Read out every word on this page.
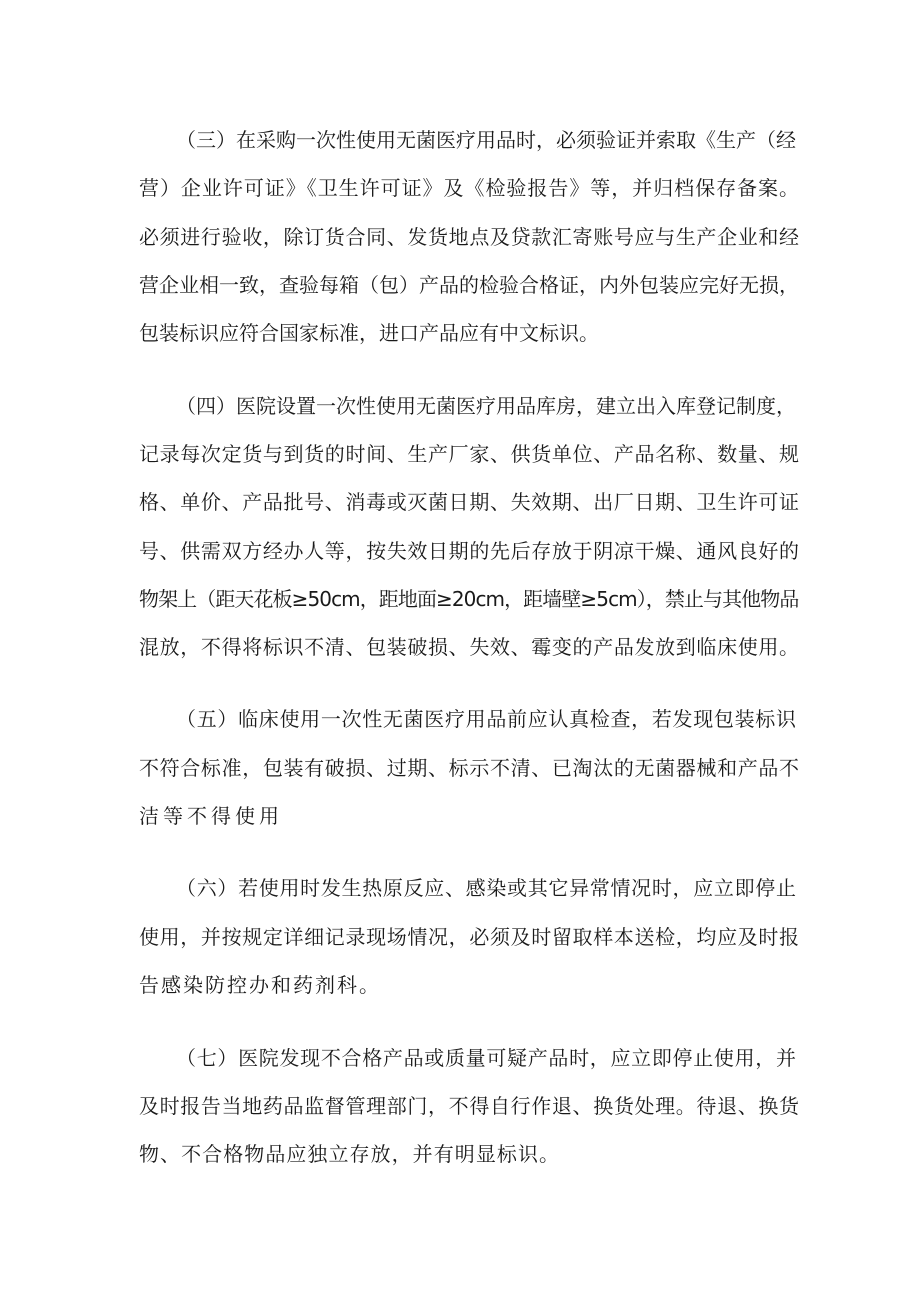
（三）在采购一次性使用无菌医疗用品时，必须验证并索取《生产（经
营）企业许可证》《卫生许可证》及《检验报告》等，并归档保存备案。
必须进行验收，除订货合同、发货地点及贷款汇寄账号应与生产企业和经
营企业相一致，查验每箱（包）产品的检验合格证，内外包装应完好无损，
包装标识应符合国家标准，进口产品应有中文标识。
（四）医院设置一次性使用无菌医疗用品库房，建立出入库登记制度，
记录每次定货与到货的时间、生产厂家、供货单位、产品名称、数量、规
格、单价、产品批号、消毒或灭菌日期、失效期、出厂日期、卫生许可证
号、供需双方经办人等，按失效日期的先后存放于阴凉干燥、通风良好的
物架上（距天花板≥50cm，距地面≥20cm，距墙壁≥5cm），禁止与其他物品
混放，不得将标识不清、包装破损、失效、霉变的产品发放到临床使用。
（五）临床使用一次性无菌医疗用品前应认真检查，若发现包装标识
不符合标准，包装有破损、过期、标示不清、已淘汰的无菌器械和产品不
洁等不得使用
（六）若使用时发生热原反应、感染或其它异常情况时，应立即停止
使用，并按规定详细记录现场情况，必须及时留取样本送检，均应及时报
告感染防控办和药剂科。
（七）医院发现不合格产品或质量可疑产品时，应立即停止使用，并
及时报告当地药品监督管理部门，不得自行作退、换货处理。待退、换货
物、不合格物品应独立存放，并有明显标识。
